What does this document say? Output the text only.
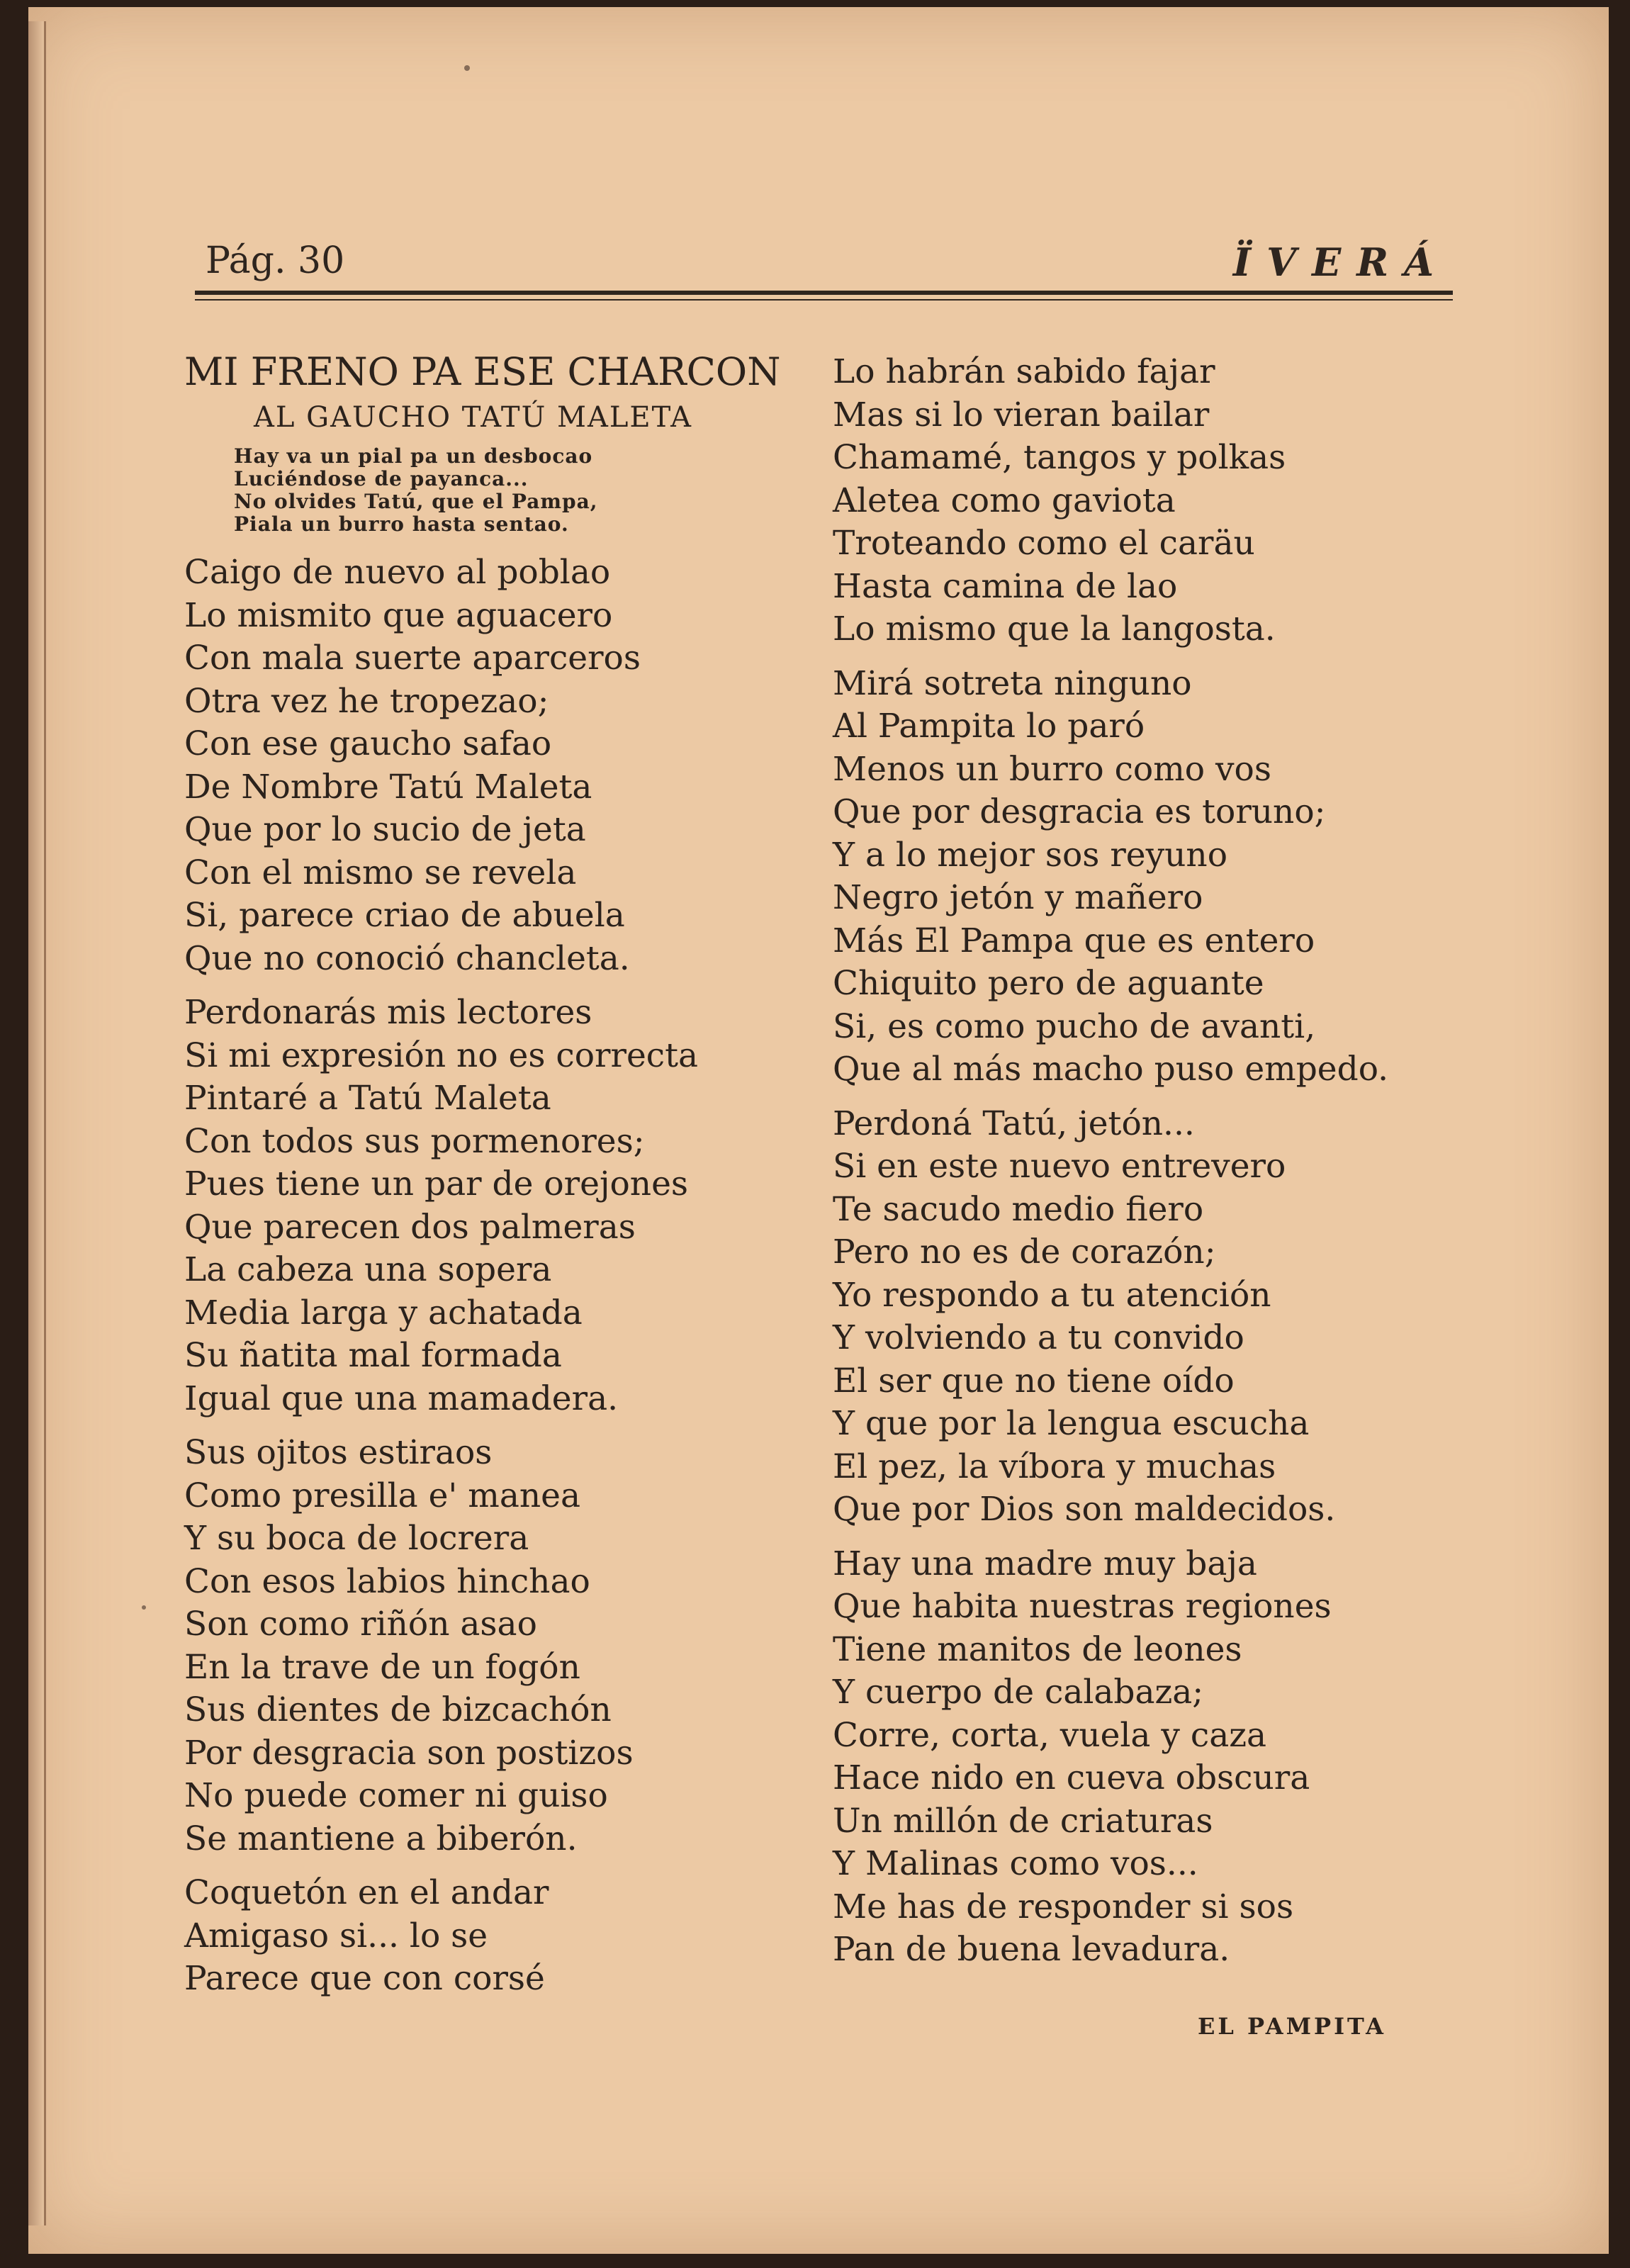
Pág. 30	ÏVERÁ
MI FRENO PA ESE CHARCON
AL GAUCHO TATÚ MALETA
Hay va un pial pa un desbocao
Luciéndose de payanca...
No olvides Tatú, que el Pampa,
Piala un burro hasta sentao.
Caigo de nuevo al poblao
Lo mismito que aguacero
Con mala suerte aparceros
Otra vez he tropezao;
Con ese gaucho safao
De Nombre Tatú Maleta
Que por lo sucio de jeta
Con el mismo se revela
Si, parece criao de abuela
Que no conoció chancleta.
Perdonarás mis lectores
Si mi expresión no es correcta
Pintaré a Tatú Maleta
Con todos sus pormenores;
Pues tiene un par de orejones
Que parecen dos palmeras
La cabeza una sopera
Media larga y achatada
Su ñatita mal formada
Igual que una mamadera.
Sus ojitos estiraos
Como presilla e' manea
Y su boca de locrera
Con esos labios hinchao
Son como riñón asao
En la trave de un fogón
Sus dientes de bizcachón
Por desgracia son postizos
No puede comer ni guiso
Se mantiene a biberón.
Coquetón en el andar
Amigaso si... lo se
Parece que con corsé
Lo habrán sabido fajar
Mas si lo vieran bailar
Chamamé, tangos y polkas
Aletea como gaviota
Troteando como el caräu
Hasta camina de lao
Lo mismo que la langosta.
Mirá sotreta ninguno
Al Pampita lo paró
Menos un burro como vos
Que por desgracia es toruno;
Y a lo mejor sos reyuno
Negro jetón y mañero
Más El Pampa que es entero
Chiquito pero de aguante
Si, es como pucho de avanti,
Que al más macho puso empedo.
Perdoná Tatú, jetón...
Si en este nuevo entrevero
Te sacudo medio fiero
Pero no es de corazón;
Yo respondo a tu atención
Y volviendo a tu convido
El ser que no tiene oído
Y que por la lengua escucha
El pez, la víbora y muchas
Que por Dios son maldecidos.
Hay una madre muy baja
Que habita nuestras regiones
Tiene manitos de leones
Y cuerpo de calabaza;
Corre, corta, vuela y caza
Hace nido en cueva obscura
Un millón de criaturas
Y Malinas como vos...
Me has de responder si sos
Pan de buena levadura.
EL PAMPITA
